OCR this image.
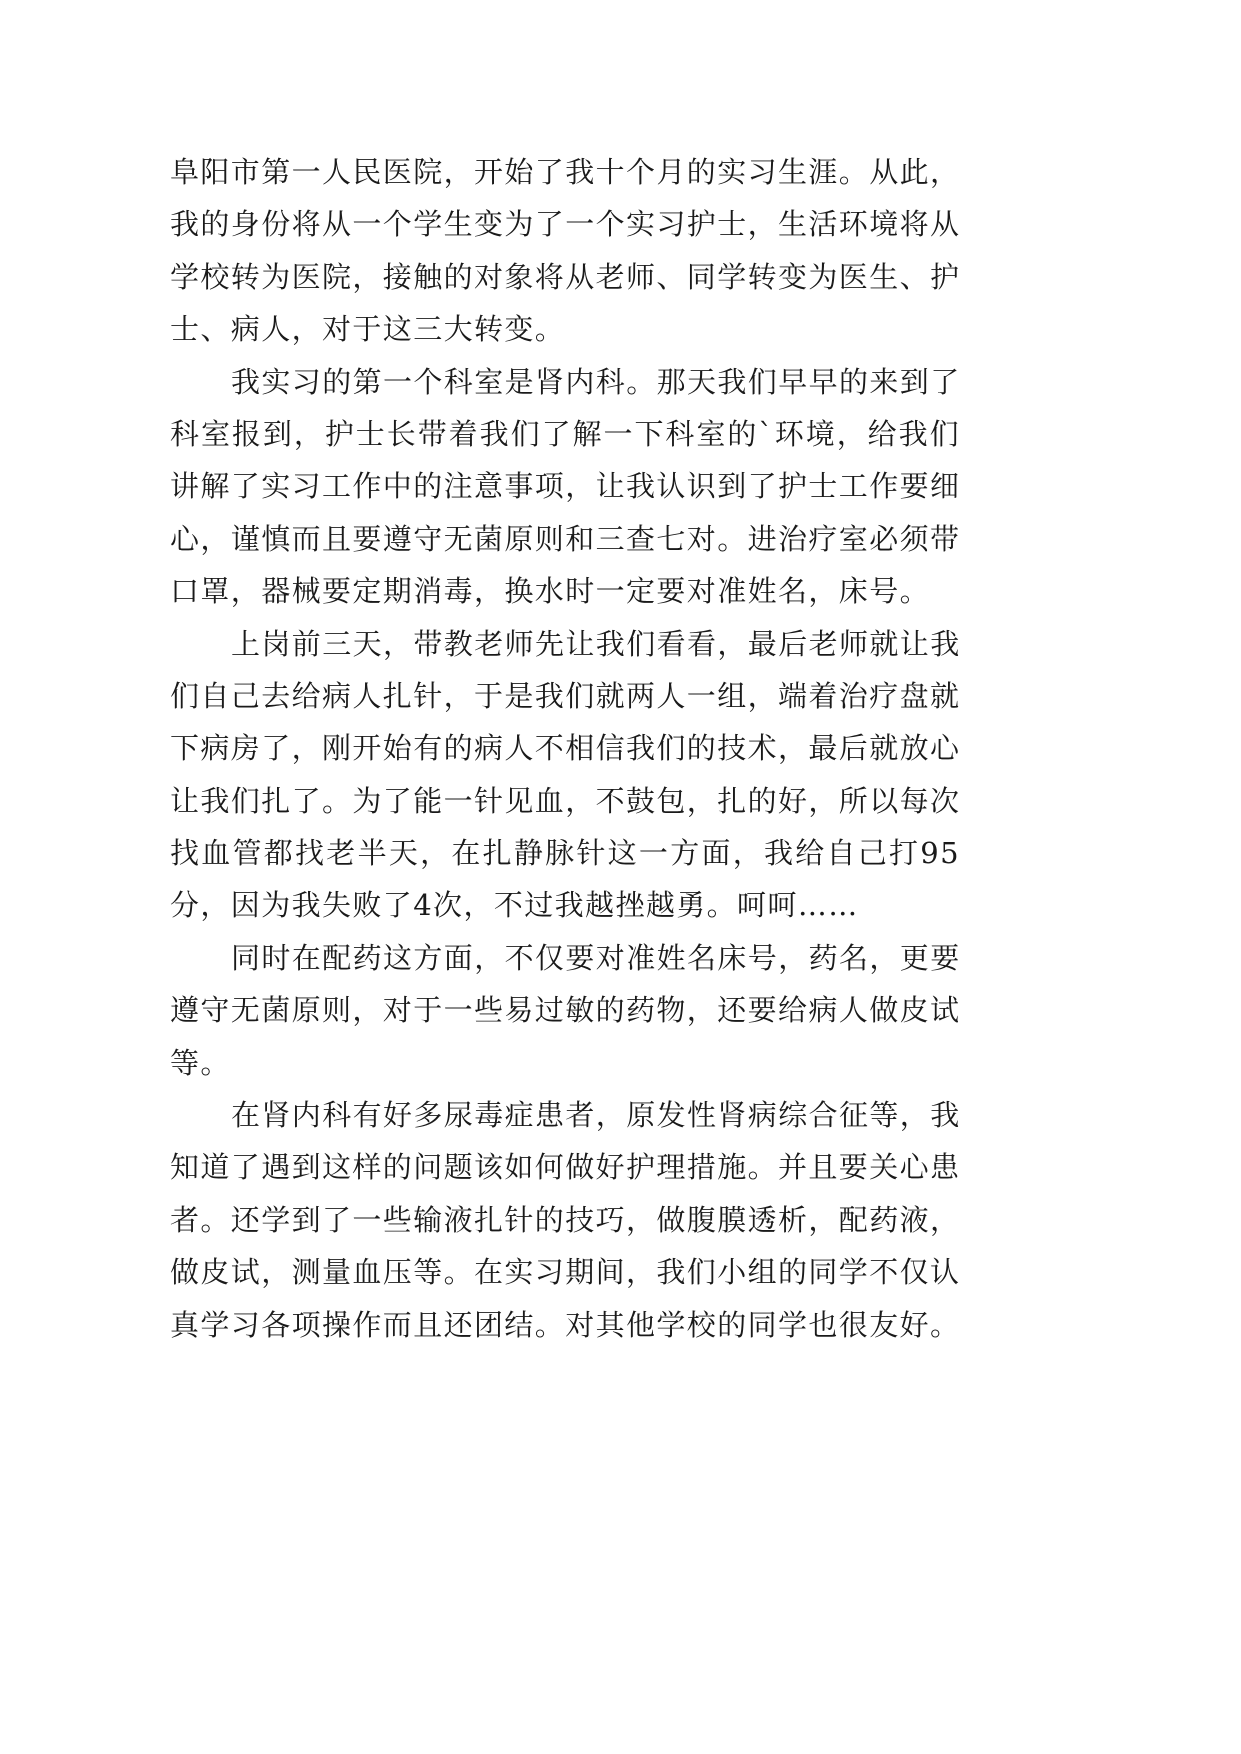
阜阳市第一人民医院，开始了我十个月的实习生涯。从此，
我的身份将从一个学生变为了一个实习护士，生活环境将从
学校转为医院，接触的对象将从老师、同学转变为医生、护
士、病人，对于这三大转变。
我实习的第一个科室是肾内科。那天我们早早的来到了
科室报到，护士长带着我们了解一下科室的`环境，给我们
讲解了实习工作中的注意事项，让我认识到了护士工作要细
心，谨慎而且要遵守无菌原则和三查七对。进治疗室必须带
口罩，器械要定期消毒，换水时一定要对准姓名，床号。
上岗前三天，带教老师先让我们看看，最后老师就让我
们自己去给病人扎针，于是我们就两人一组，端着治疗盘就
下病房了，刚开始有的病人不相信我们的技术，最后就放心
让我们扎了。为了能一针见血，不鼓包，扎的好，所以每次
找血管都找老半天，在扎静脉针这一方面，我给自己打95
分，因为我失败了4次，不过我越挫越勇。呵呵……
同时在配药这方面，不仅要对准姓名床号，药名，更要
遵守无菌原则，对于一些易过敏的药物，还要给病人做皮试
等。
在肾内科有好多尿毒症患者，原发性肾病综合征等，我
知道了遇到这样的问题该如何做好护理措施。并且要关心患
者。还学到了一些输液扎针的技巧，做腹膜透析，配药液，
做皮试，测量血压等。在实习期间，我们小组的同学不仅认
真学习各项操作而且还团结。对其他学校的同学也很友好。
